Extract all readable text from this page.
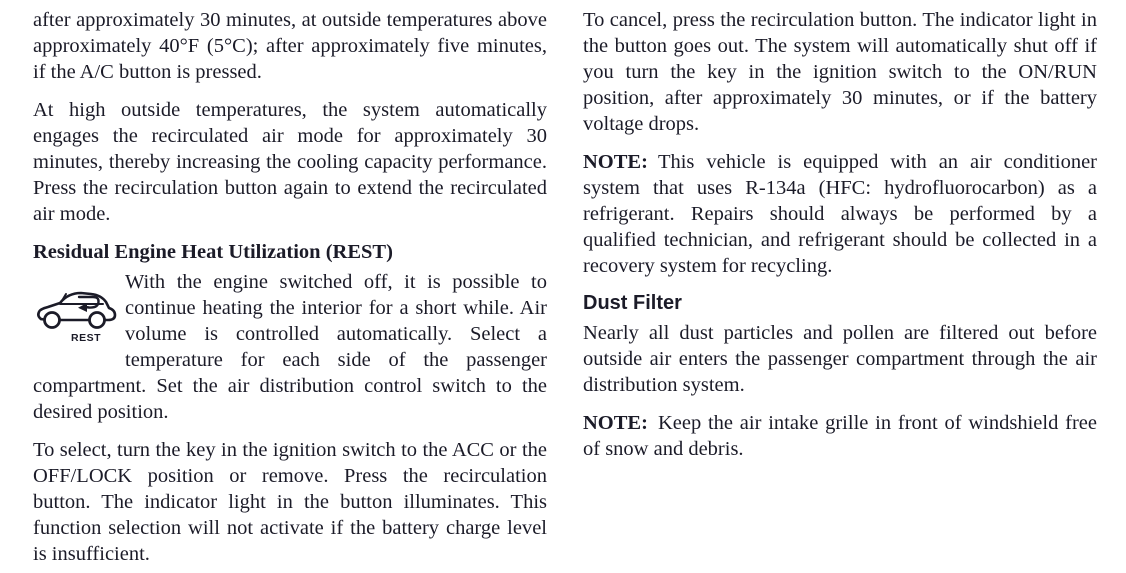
after approximately 30 minutes, at outside temperatures above approximately 40°F (5°C); after approximately five minutes, if the A/C button is pressed.

At high outside temperatures, the system automatically engages the recirculated air mode for approximately 30 minutes, thereby increasing the cooling capacity performance. Press the recirculation button again to extend the recirculated air mode.

Residual Engine Heat Utilization (REST)

REST
With the engine switched off, it is possible to continue heating the interior for a short while. Air volume is controlled automatically. Select a temperature for each side of the passenger compartment. Set the air distribution control switch to the desired position.

To select, turn the key in the ignition switch to the ACC or the OFF/LOCK position or remove. Press the recirculation button. The indicator light in the button illuminates. This function selection will not activate if the battery charge level is insufficient.

To cancel, press the recirculation button. The indicator light in the button goes out. The system will automatically shut off if you turn the key in the ignition switch to the ON/RUN position, after approximately 30 minutes, or if the battery voltage drops.

NOTE: This vehicle is equipped with an air conditioner system that uses R-134a (HFC: hydrofluorocarbon) as a refrigerant. Repairs should always be performed by a qualified technician, and refrigerant should be collected in a recovery system for recycling.

Dust Filter

Nearly all dust particles and pollen are filtered out before outside air enters the passenger compartment through the air distribution system.

NOTE: Keep the air intake grille in front of windshield free of snow and debris.
